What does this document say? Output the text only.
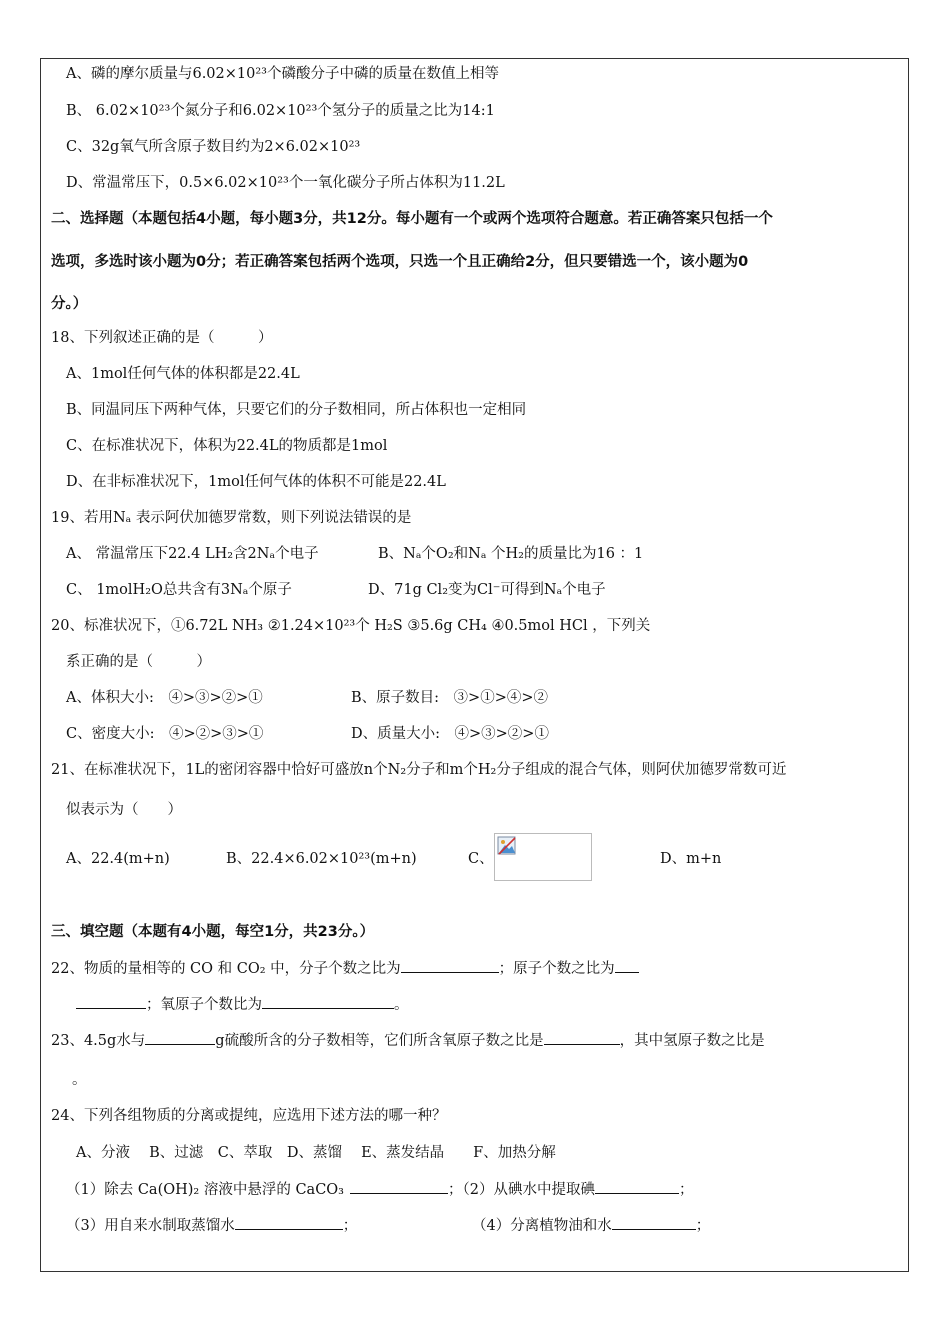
A、磷的摩尔质量与6.02×10²³个磷酸分子中磷的质量在数值上相等
B、 6.02×10²³个氮分子和6.02×10²³个氢分子的质量之比为14:1
C、32g氧气所含原子数目约为2×6.02×10²³
D、常温常压下，0.5×6.02×10²³个一氧化碳分子所占体积为11.2L
二、选择题（本题包括4小题，每小题3分，共12分。每小题有一个或两个选项符合题意。若正确答案只包括一个
选项，多选时该小题为0分；若正确答案包括两个选项，只选一个且正确给2分，但只要错选一个，该小题为0
分。）
18、下列叙述正确的是（　　　）
A、1mol任何气体的体积都是22.4L
B、同温同压下两种气体，只要它们的分子数相同，所占体积也一定相同
C、在标准状况下，体积为22.4L的物质都是1mol
D、在非标准状况下，1mol任何气体的体积不可能是22.4L
19、若用Nₐ 表示阿伏加德罗常数，则下列说法错误的是
A、 常温常压下22.4 LH₂含2Nₐ个电子	B、Nₐ个O₂和Nₐ 个H₂的质量比为16 ：1
C、 1molH₂O总共含有3Nₐ个原子	D、71g Cl₂变为Cl⁻可得到Nₐ个电子
20、标准状况下，①6.72L NH₃ ②1.24×10²³个 H₂S ③5.6g CH₄ ④0.5mol HCl ，下列关
系正确的是（　　　）
A、体积大小:　④>③>②>①	B、原子数目:　③>①>④>②
C、密度大小:　④>②>③>①	D、质量大小:　④>③>②>①
21、在标准状况下，1L的密闭容器中恰好可盛放n个N₂分子和m个H₂分子组成的混合气体，则阿伏加德罗常数可近
似表示为（　　）
A、22.4(m+n)	B、22.4×6.02×10²³(m+n)	C、	D、m+n
三、填空题（本题有4小题，每空1分，共23分。）
22、物质的量相等的 CO 和 CO₂ 中，分子个数之比为	；原子个数之比为
；氧原子个数比为	。
23、4.5g水与	g硫酸所含的分子数相等，它们所含氧原子数之比是	，其中氢原子数之比是
。
24、下列各组物质的分离或提纯，应选用下述方法的哪一种？
A、分液　 B、过滤　C、萃取　D、蒸馏　 E、蒸发结晶　　F、加热分解
（1）除去 Ca(OH)₂ 溶液中悬浮的 CaCO₃	；（2）从碘水中提取碘	；
（3）用自来水制取蒸馏水	；	（4）分离植物油和水	；
